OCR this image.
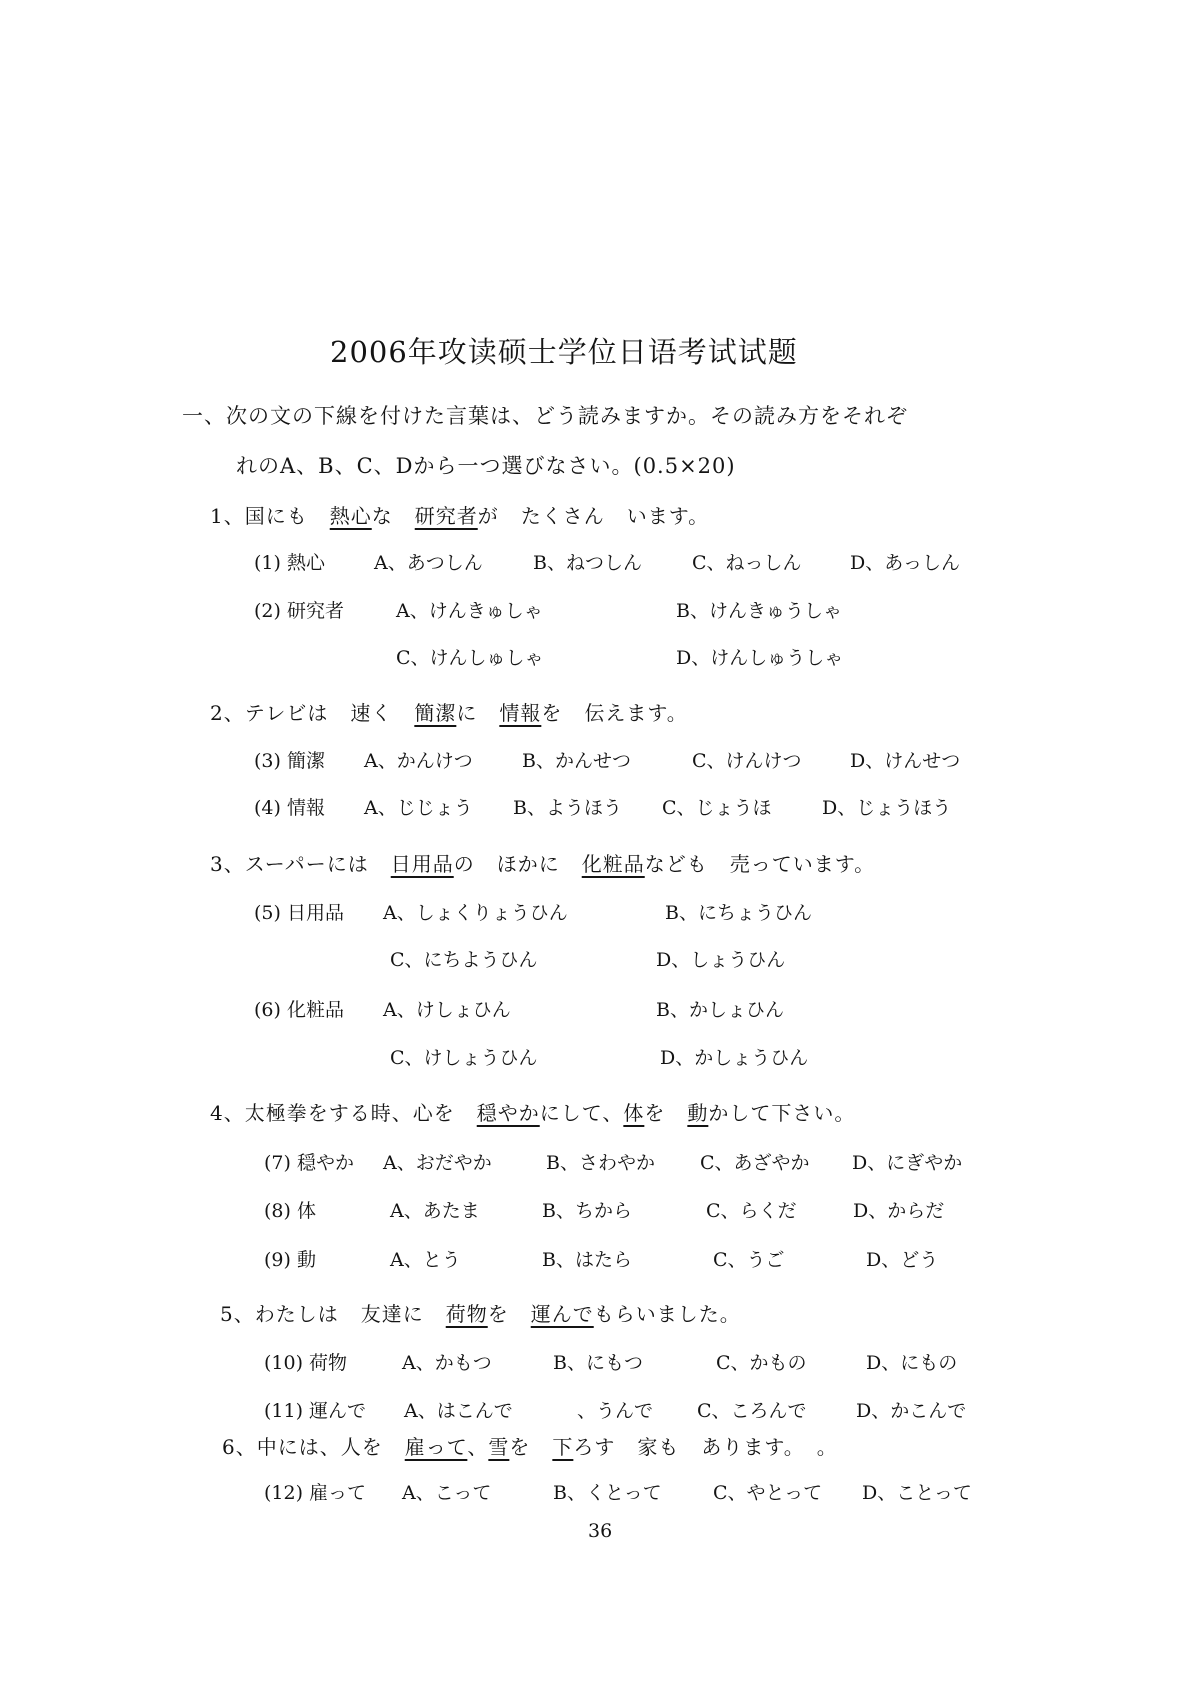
2006年攻读硕士学位日语考试试题
一、次の文の下線を付けた言葉は、どう読みますか。その読み方をそれぞ
れのA、B、C、Dから一つ選びなさい。(0.5×20)
1、国にも 熱心な 研究者が たくさん います。
(1) 熱心	A、あつしん	B、ねつしん	C、ねっしん	D、あっしん
(2) 研究者	A、けんきゅしゃ	B、けんきゅうしゃ
C、けんしゅしゃ	D、けんしゅうしゃ
2、テレビは 速く 簡潔に 情報を 伝えます。
(3) 簡潔 A、かんけつ	B、かんせつ	C、けんけつ	D、けんせつ
(4) 情報 A、じじょう B、ようほう C、じょうほ	D、じょうほう
3、スーパーには 日用品の ほかに 化粧品なども 売っています。
(5) 日用品 A、しょくりょうひん	B、にちょうひん
C、にちようひん	D、しょうひん
(6) 化粧品 A、けしょひん	B、かしょひん
C、けしょうひん	D、かしょうひん
4、太極拳をする時、心を 穏やかにして、体を 動かして下さい。
(7) 穏やか A、おだやか	B、さわやか C、あざやか D、にぎやか
(8) 体	A、あたま	B、ちから	C、らくだ	D、からだ
(9) 動	A、とう	B、はたら	C、うご	D、どう
5、わたしは 友達に 荷物を 運んでもらいました。
(10) 荷物	A、かもつ	B、にもつ	C、かもの	D、にもの
(11) 運んで A、はこんで	、うんで C、ころんで	D、かこんで
6、中には、人を 雇って、雪を 下ろす 家も あります。 。
(12) 雇って A、こって	B、くとって	C、やとって D、ことって
36
